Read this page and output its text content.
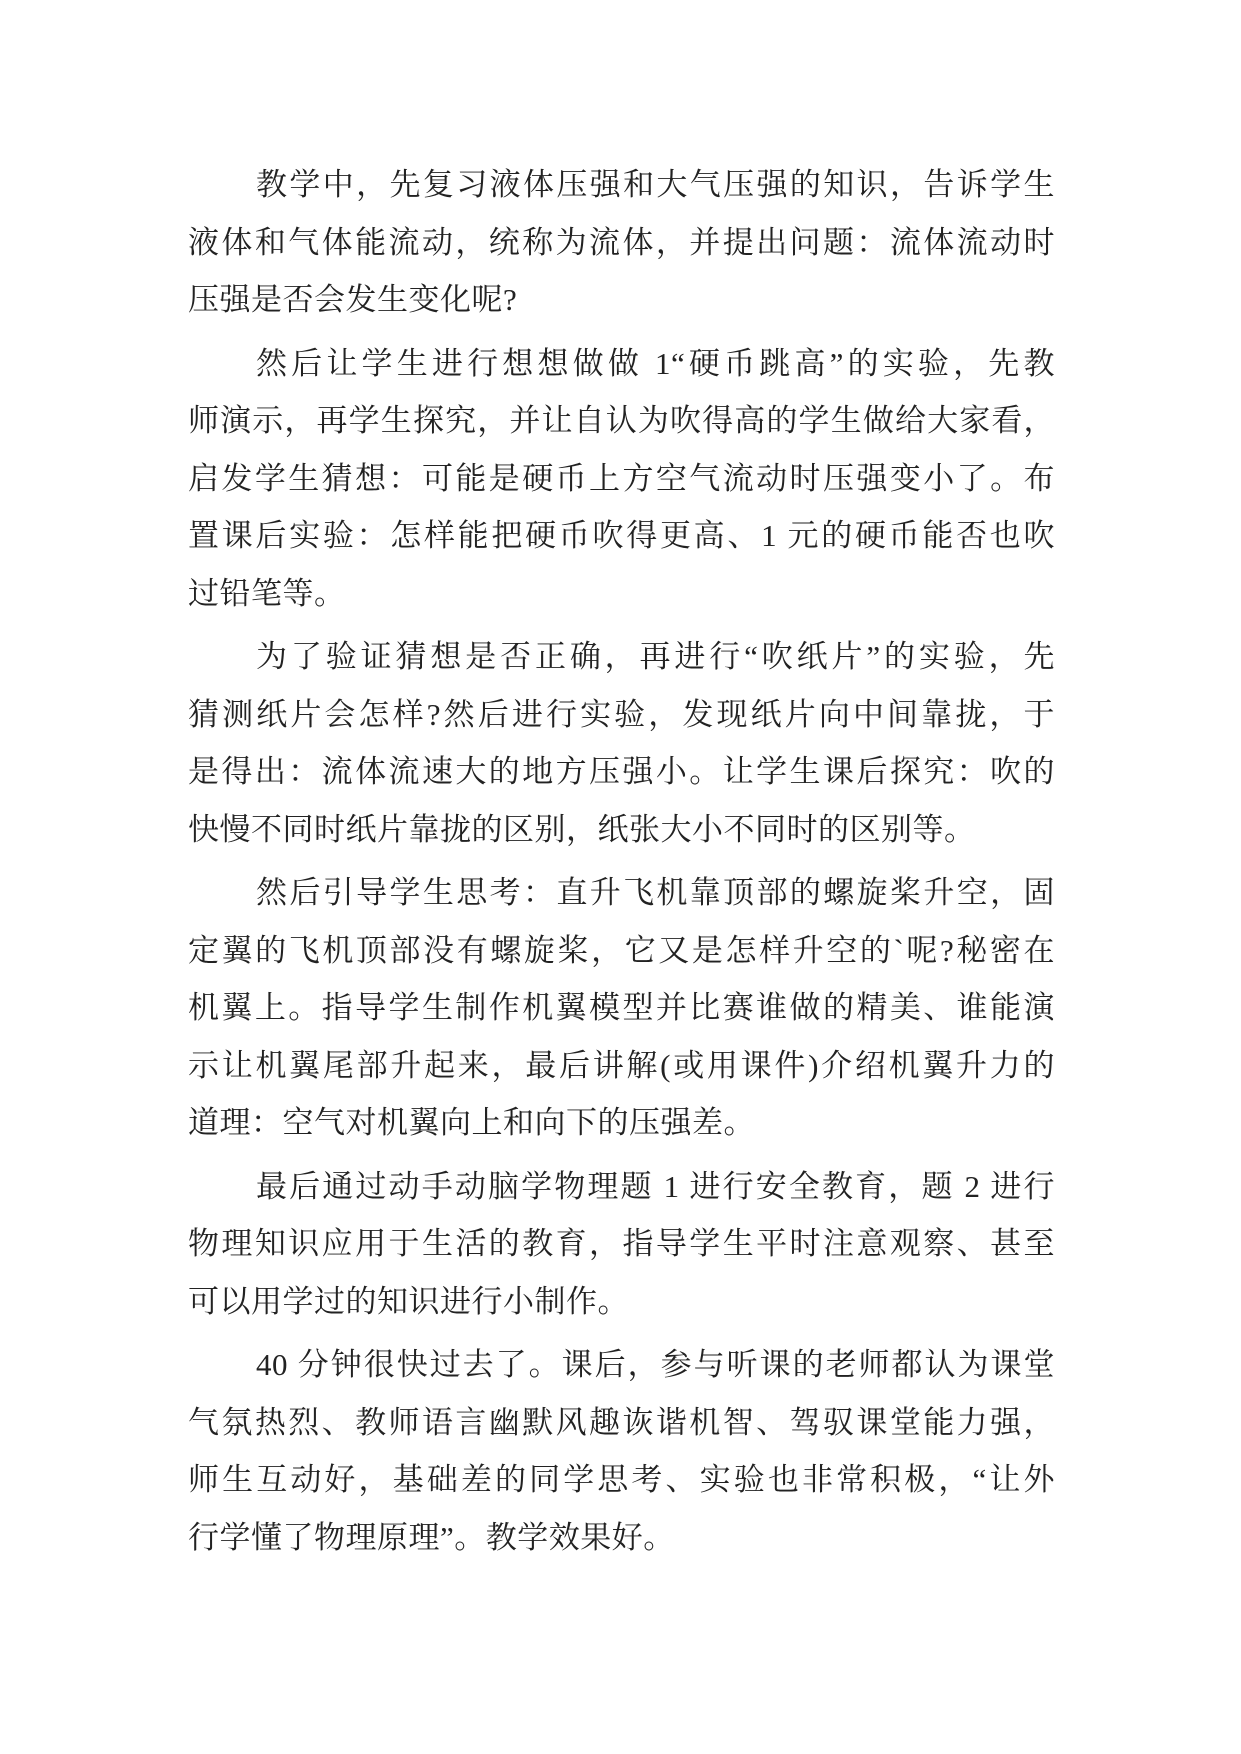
教学中，先复习液体压强和大气压强的知识，告诉学生
液体和气体能流动，统称为流体，并提出问题：流体流动时
压强是否会发生变化呢?
然后让学生进行想想做做 1“硬币跳高”的实验，先教
师演示，再学生探究，并让自认为吹得高的学生做给大家看，
启发学生猜想：可能是硬币上方空气流动时压强变小了。布
置课后实验：怎样能把硬币吹得更高、1 元的硬币能否也吹
过铅笔等。
为了验证猜想是否正确，再进行“吹纸片”的实验，先
猜测纸片会怎样?然后进行实验，发现纸片向中间靠拢，于
是得出：流体流速大的地方压强小。让学生课后探究：吹的
快慢不同时纸片靠拢的区别，纸张大小不同时的区别等。
然后引导学生思考：直升飞机靠顶部的螺旋桨升空，固
定翼的飞机顶部没有螺旋桨，它又是怎样升空的`呢?秘密在
机翼上。指导学生制作机翼模型并比赛谁做的精美、谁能演
示让机翼尾部升起来，最后讲解(或用课件)介绍机翼升力的
道理：空气对机翼向上和向下的压强差。
最后通过动手动脑学物理题 1 进行安全教育，题 2 进行
物理知识应用于生活的教育，指导学生平时注意观察、甚至
可以用学过的知识进行小制作。
40 分钟很快过去了。课后，参与听课的老师都认为课堂
气氛热烈、教师语言幽默风趣诙谐机智、驾驭课堂能力强，
师生互动好，基础差的同学思考、实验也非常积极，“让外
行学懂了物理原理”。教学效果好。
